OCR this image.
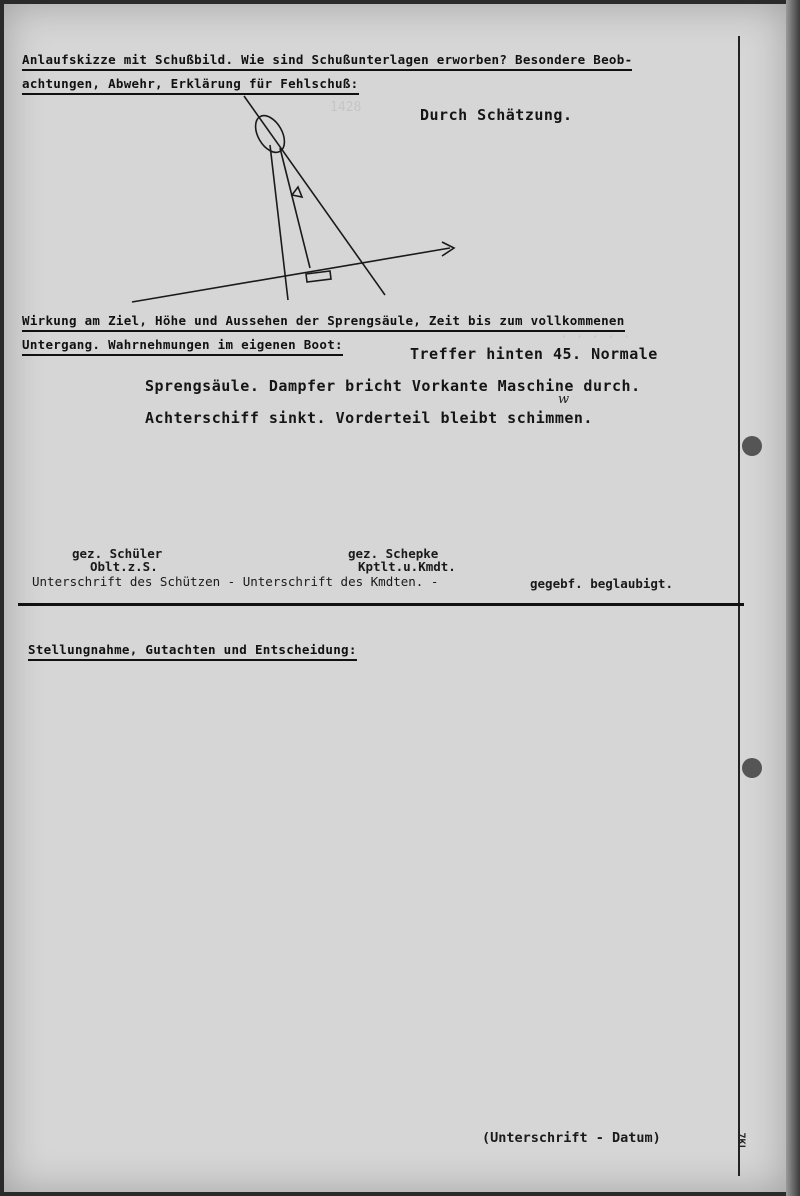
1428
· · · · ·
Anlaufskizze mit Schußbild. Wie sind Schußunterlagen erworben? Besondere Beob-
achtungen, Abwehr, Erklärung für Fehlschuß:
Durch Schätzung.
Wirkung am Ziel, Höhe und Aussehen der Sprengsäule, Zeit bis zum vollkommenen
Untergang. Wahrnehmungen im eigenen Boot:
Treffer hinten 45. Normale
Sprengsäule. Dampfer bricht Vorkante Maschine durch.
Achterschiff sinkt. Vorderteil bleibt schimmen.
w
gez. Schüler
Oblt.z.S.
gez. Schepke
Kptlt.u.Kmdt.
Unterschrift des Schützen - Unterschrift des Kmdten. -	gegebf. beglaubigt.
Stellungnahme, Gutachten und Entscheidung:
(Unterschrift - Datum)	7KL
